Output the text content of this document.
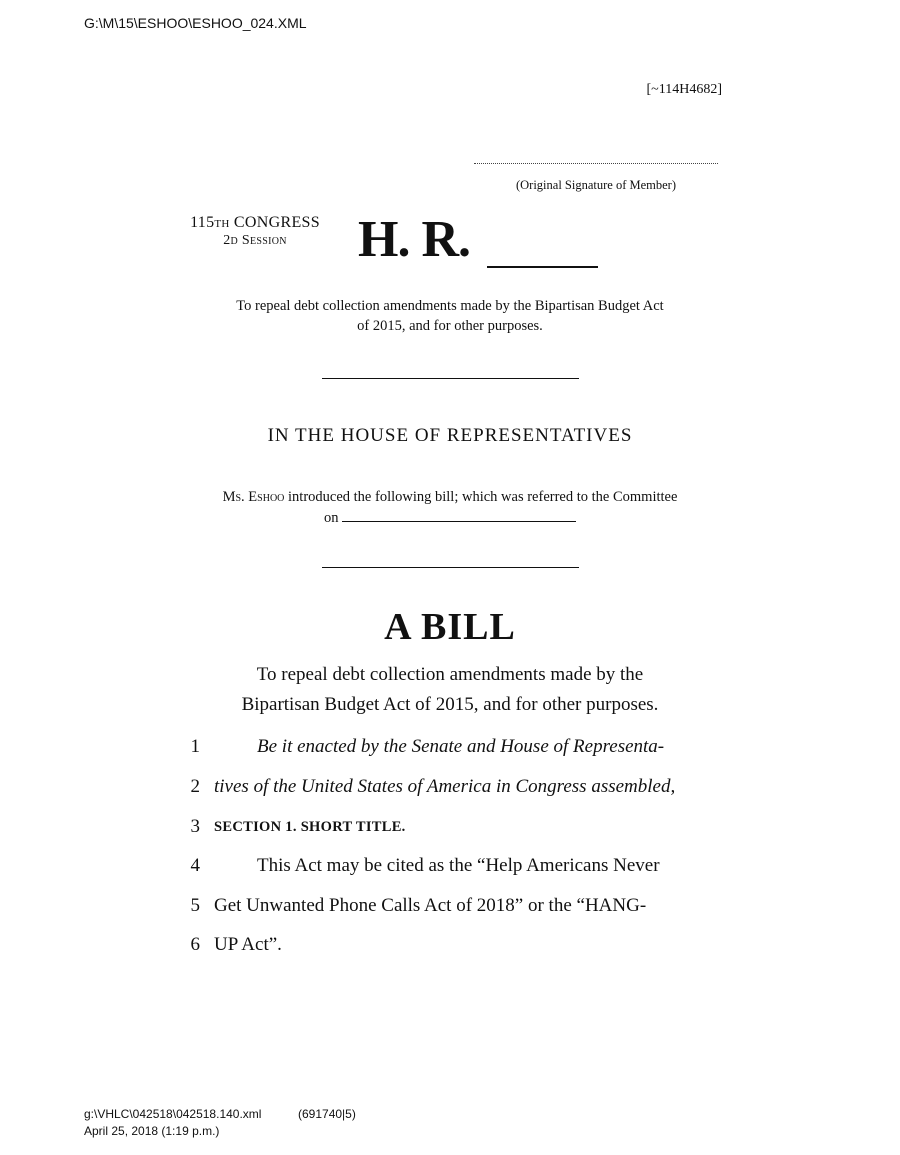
G:\M\15\ESHOO\ESHOO_024.XML
[~114H4682]
(Original Signature of Member)
115th CONGRESS
2d Session	H. R.
To repeal debt collection amendments made by the Bipartisan Budget Act
of 2015, and for other purposes.
IN THE HOUSE OF REPRESENTATIVES
Ms. Eshoo introduced the following bill; which was referred to the Committee
on
A BILL
To repeal debt collection amendments made by the
Bipartisan Budget Act of 2015, and for other purposes.
1	Be it enacted by the Senate and House of Representa-
2 tives of the United States of America in Congress assembled,
3 SECTION 1. SHORT TITLE.
4	This Act may be cited as the “Help Americans Never
5 Get Unwanted Phone Calls Act of 2018” or the “HANG-
6 UP Act”.
g:\VHLC\042518\042518.140.xml	(691740|5)
April 25, 2018 (1:19 p.m.)
